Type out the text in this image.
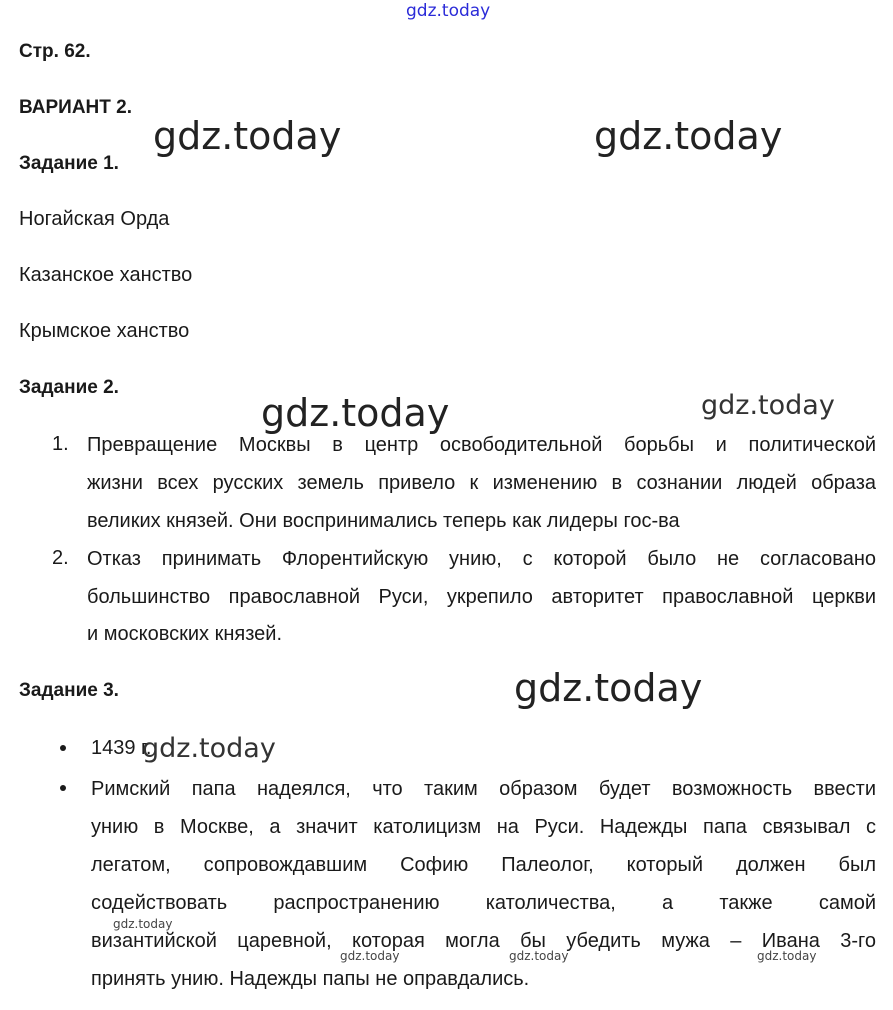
gdz.today
Стр. 62.
ВАРИАНТ 2.
Задание 1.
Ногайская Орда
Казанское ханство
Крымское ханство
Задание 2.
1. Превращение Москвы в центр освободительной борьбы и политической
жизни всех русских земель привело к изменению в сознании людей образа
великих князей. Они воспринимались теперь как лидеры гос-ва
2. Отказ принимать Флорентийскую унию, с которой было не согласовано
большинство православной Руси, укрепило авторитет православной церкви
и московских князей.
Задание 3.
1439 г.
Римский папа надеялся, что таким образом будет возможность ввести
унию в Москве, а значит католицизм на Руси. Надежды папа связывал с
легатом, сопровождавшим Софию Палеолог, который должен был
содействовать распространению католичества, а также самой
византийской царевной, которая могла бы убедить мужа – Ивана 3-го
принять унию. Надежды папы не оправдались.
gdz.today	gdz.today
gdz.today	gdz.today
gdz.today
gdz.today
gdz.today
gdz.today	gdz.today	gdz.today
